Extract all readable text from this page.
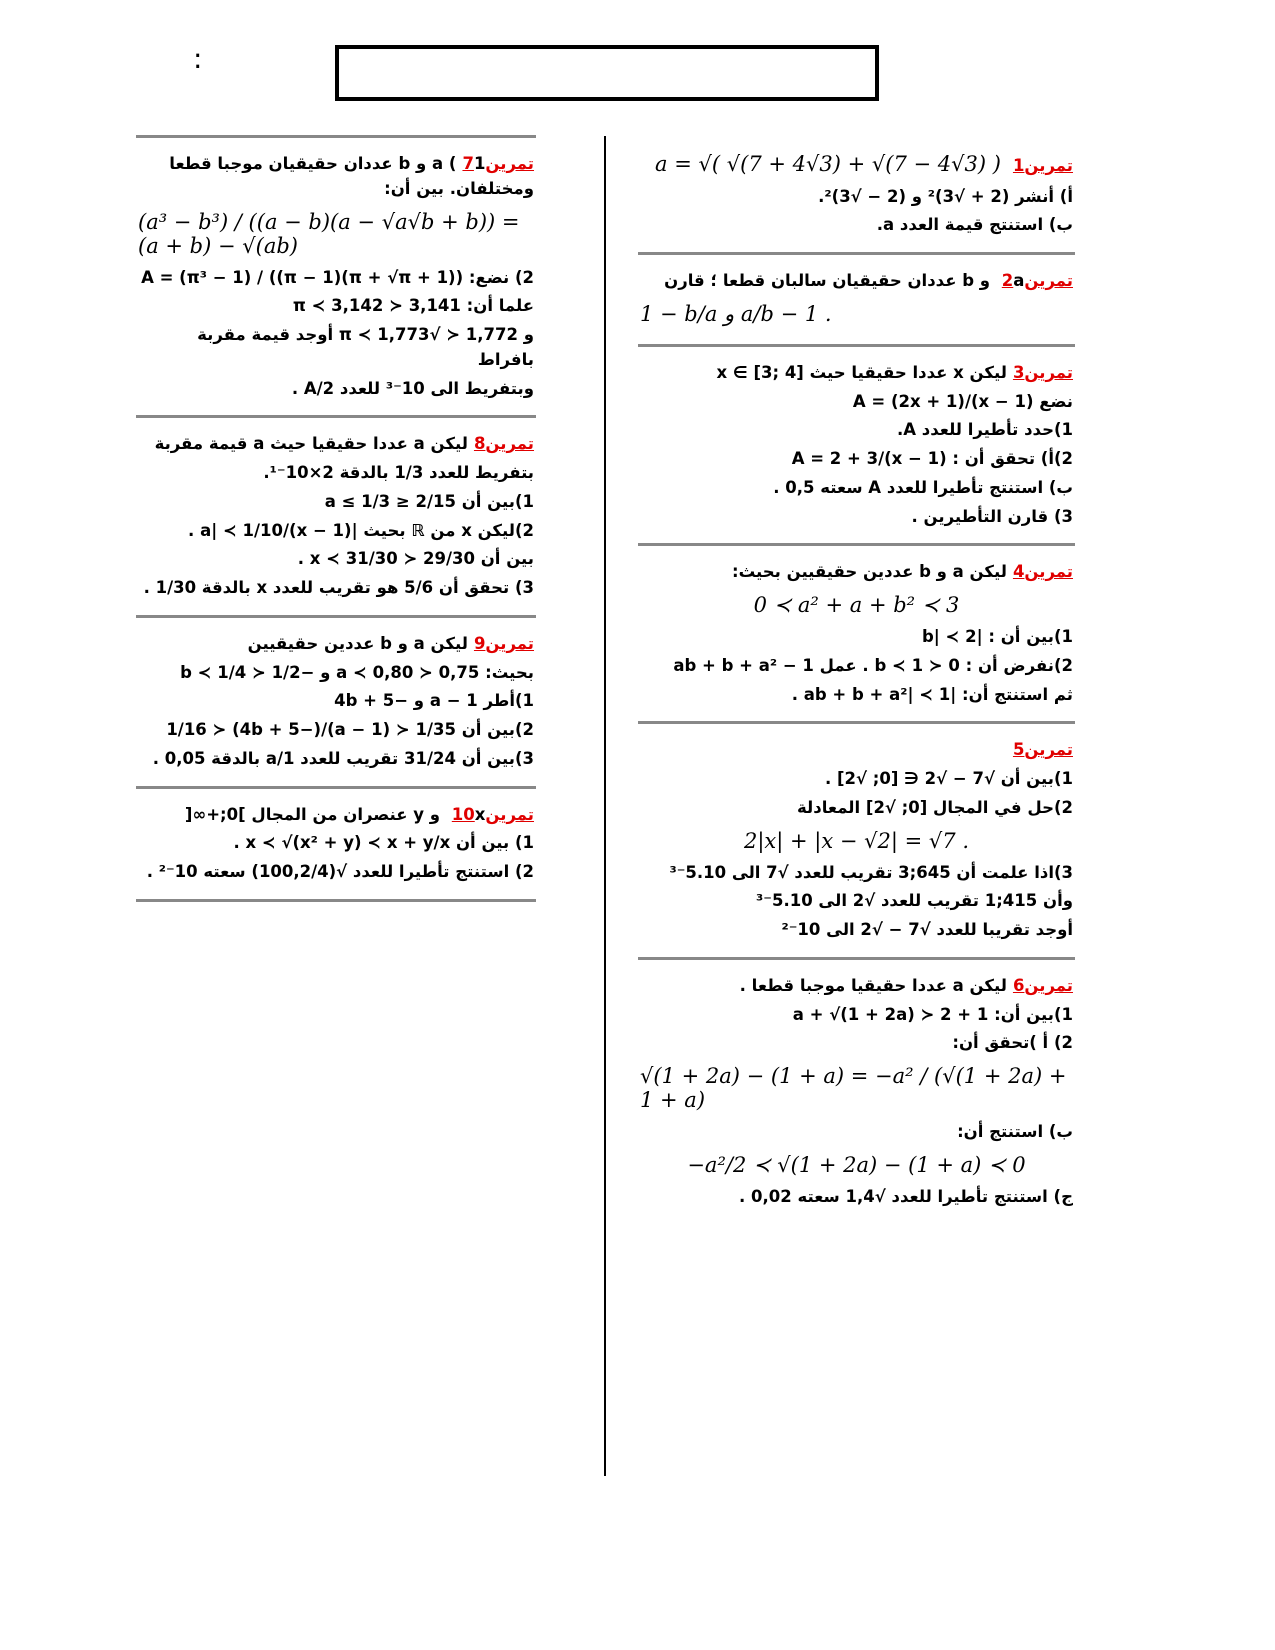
:
تمرين1a = √( √(7 + 4√3) + √(7 − 4√3) )
أ) أنشر (2 + √3)² و (2 − √3)².
ب) استنتج قيمة العدد a.
تمرين2a و b عددان حقيقيان سالبان قطعا ؛ قارن
1 − b/a و a/b − 1 .
تمرين3ليكن x عددا حقيقيا حيث x ∈ [3; 4]
نضع A = (2x + 1)/(x − 1)
1)حدد تأطيرا للعدد A.
2)أ) تحقق أن : A = 2 + 3/(x − 1)
ب) استنتج تأطيرا للعدد A سعته 0,5 .
3) قارن التأطيرين .
تمرين4ليكن a و b عددين حقيقيين بحيث:
0 ≺ a² + a + b² ≺ 3
1)بين أن : |b| ≺ 2
2)نفرض أن : 0 ≺ b ≺ 1 . عمل ab + b + a² − 1
ثم استنتج أن: |ab + b + a²| ≺ 1 .
تمرين5
1)بين أن √7 − √2 ∈ [0; √2] .
2)حل في المجال [0; √2] المعادلة
2|x| + |x − √2| = √7 .
3)اذا علمت أن 645;3 تقريب للعدد √7 الى 5.10⁻³
وأن 415;1 تقريب للعدد √2 الى 5.10⁻³
أوجد تقريبا للعدد √7 − √2 الى 10⁻²
تمرين6ليكن a عددا حقيقيا موجبا قطعا .
1)بين أن: 1 + a + √(1 + 2a) ≻ 2
2) أ )تحقق أن:
√(1 + 2a) − (1 + a) = −a² / (√(1 + 2a) + 1 + a)
ب) استنتج أن:
−a²/2 ≺ √(1 + 2a) − (1 + a) ≺ 0
ج) استنتج تأطيرا للعدد √1,4 سعته 0,02 .
تمرين71) a و b عددان حقيقيان موجبا قطعا ومختلفان. بين أن:
(a³ − b³) / ((a − b)(a − √a√b + b)) = (a + b) − √(ab)
2) نضع: A = (π³ − 1) / ((π − 1)(π + √π + 1))
علما أن: 3,141 ≺ π ≺ 3,142
و 1,772 ≺ √π ≺ 1,773 أوجد قيمة مقربة بافراط
وبتفريط الى 10⁻³ للعدد A/2 .
تمرين8ليكن a عددا حقيقيا حيث a قيمة مقربة
بتفريط للعدد 1/3 بالدقة 2×10⁻¹.
1)بين أن 2/15 ≤ a ≤ 1/3
2)ليكن x من ℝ بحيث |(x − 1)/a| ≺ 1/10 .
بين أن 29/30 ≺ x ≺ 31/30 .
3) تحقق أن 5/6 هو تقريب للعدد x بالدقة 1/30 .
تمرين9ليكن a و b عددين حقيقيين
بحيث: 0,75 ≺ a ≺ 0,80 و −1/2 ≺ b ≺ 1/4
1)أطر 1 − a و −4b + 5
2)بين أن 1/35 ≺ (1 − a)/(−4b + 5) ≺ 1/16
3)بين أن 31/24 تقريب للعدد 1/a بالدقة 0,05 .
تمرين10x و y عنصران من المجال ]0;+∞[
1) بين أن x ≺ √(x² + y) ≺ x + y/x .
2) استنتج تأطيرا للعدد √(100,2/4) سعته 10⁻² .
